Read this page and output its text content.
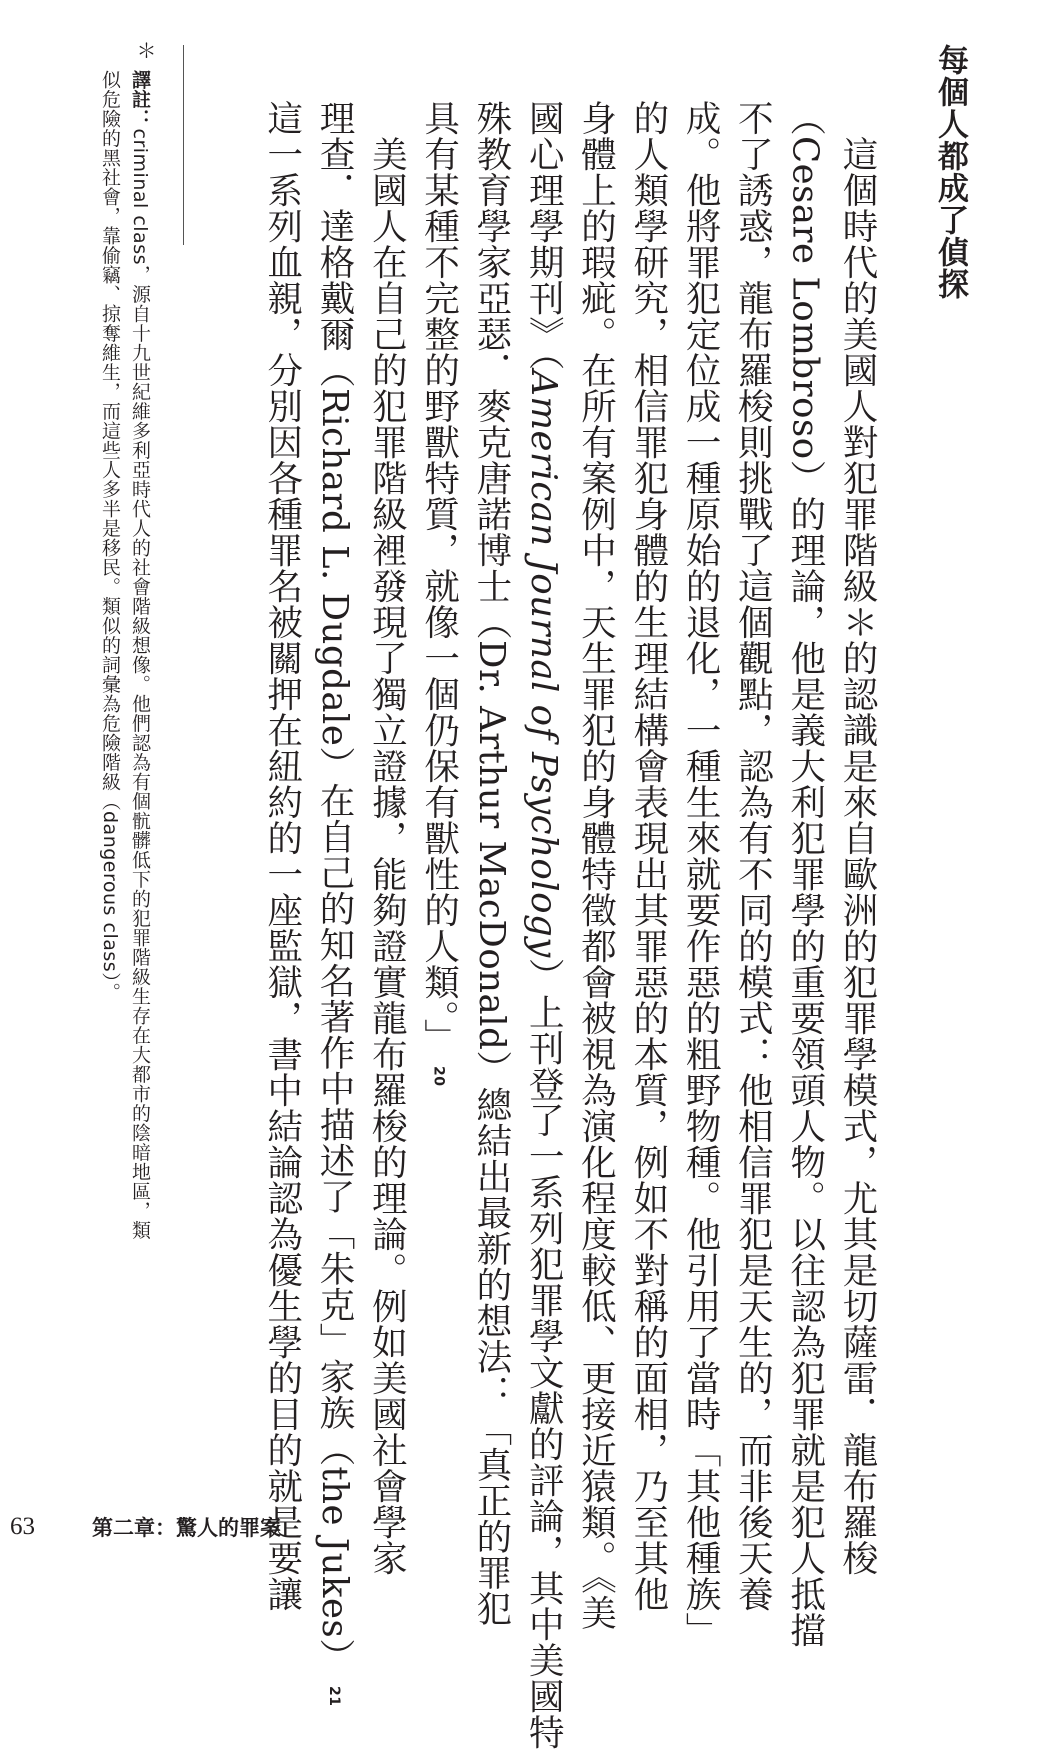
每個人都成了偵探
這個時代的美國人對犯罪階級＊的認識是來自歐洲的犯罪學模式，尤其是切薩雷．龍布羅梭
（Cesare Lombroso）的理論，他是義大利犯罪學的重要領頭人物。以往認為犯罪就是犯人抵擋
不了誘惑，龍布羅梭則挑戰了這個觀點，認為有不同的模式：他相信罪犯是天生的，而非後天養
成。他將罪犯定位成一種原始的退化，一種生來就要作惡的粗野物種。他引用了當時「其他種族」
的人類學研究，相信罪犯身體的生理結構會表現出其罪惡的本質，例如不對稱的面相，乃至其他
身體上的瑕疵。在所有案例中，天生罪犯的身體特徵都會被視為演化程度較低、更接近猿類。《美
國心理學期刊》（American Journal of Psychology）上刊登了一系列犯罪學文獻的評論，其中美國特
殊教育學家亞瑟．麥克唐諾博士（Dr. Arthur MacDonald）總結出最新的想法：「真正的罪犯
具有某種不完整的野獸特質，就像一個仍保有獸性的人類。」20
美國人在自己的犯罪階級裡發現了獨立證據，能夠證實龍布羅梭的理論。例如美國社會學家
理查．達格戴爾（Richard L. Dugdale）在自己的知名著作中描述了「朱克」家族（the Jukes）21
這一系列血親，分別因各種罪名被關押在紐約的一座監獄，書中結論認為優生學的目的就是要讓
＊
譯註：criminal class，源自十九世紀維多利亞時代人的社會階級想像。他們認為有個骯髒低下的犯罪階級生存在大都市的陰暗地區，類
似危險的黑社會，靠偷竊、掠奪維生，而這些人多半是移民。類似的詞彙為危險階級（dangerous class）。
63	第二章：驚人的罪案
